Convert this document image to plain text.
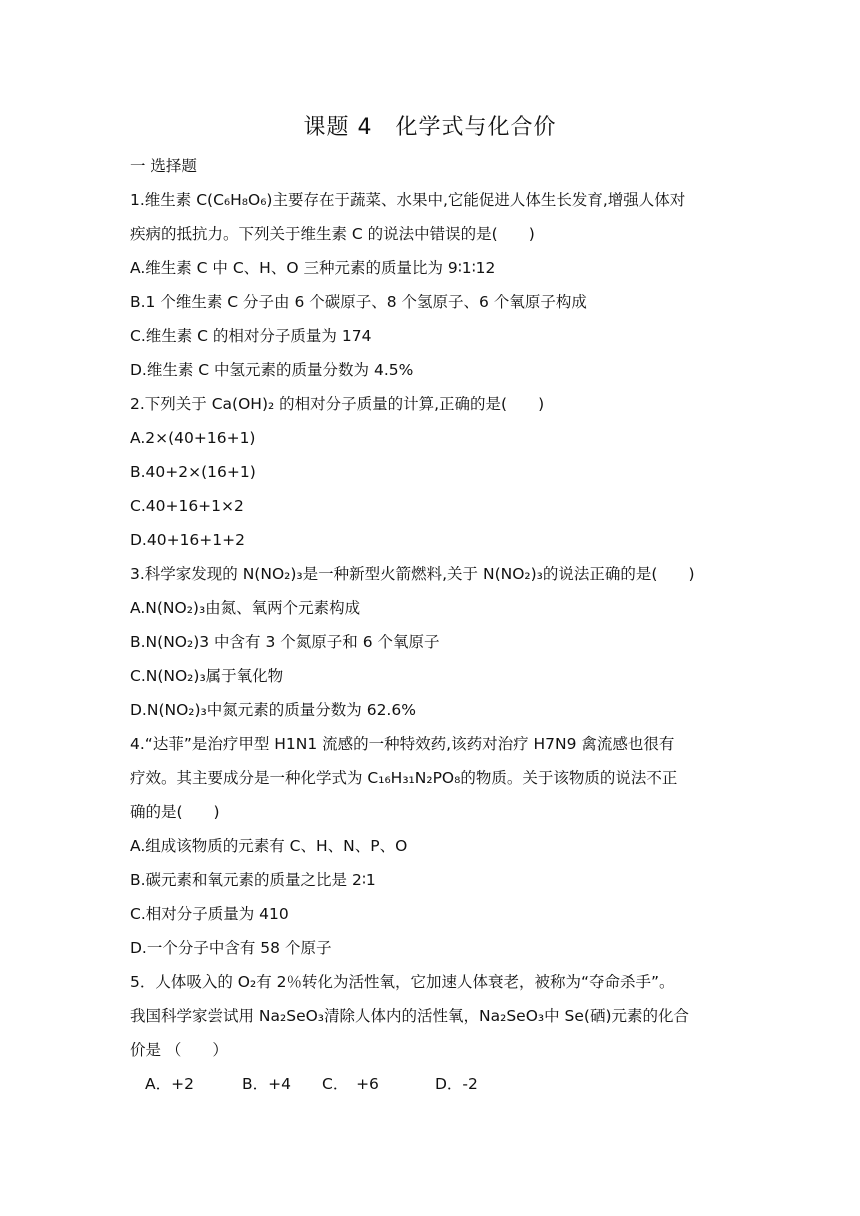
课题 4　化学式与化合价
一 选择题
1.维生素 C(C₆H₈O₆)主要存在于蔬菜、水果中,它能促进人体生长发育,增强人体对
疾病的抵抗力。下列关于维生素 C 的说法中错误的是(　　)
A.维生素 C 中 C、H、O 三种元素的质量比为 9∶1∶12
B.1 个维生素 C 分子由 6 个碳原子、8 个氢原子、6 个氧原子构成
C.维生素 C 的相对分子质量为 174
D.维生素 C 中氢元素的质量分数为 4.5%
2.下列关于 Ca(OH)₂ 的相对分子质量的计算,正确的是(　　)
A.2×(40+16+1)
B.40+2×(16+1)
C.40+16+1×2
D.40+16+1+2
3.科学家发现的 N(NO₂)₃是一种新型火箭燃料,关于 N(NO₂)₃的说法正确的是(　　)
A.N(NO₂)₃由氮、氧两个元素构成
B.N(NO₂)3 中含有 3 个氮原子和 6 个氧原子
C.N(NO₂)₃属于氧化物
D.N(NO₂)₃中氮元素的质量分数为 62.6%
4.“达菲”是治疗甲型 H1N1 流感的一种特效药,该药对治疗 H7N9 禽流感也很有
疗效。其主要成分是一种化学式为 C₁₆H₃₁N₂PO₈的物质。关于该物质的说法不正
确的是(　　)
A.组成该物质的元素有 C、H、N、P、O
B.碳元素和氧元素的质量之比是 2∶1
C.相对分子质量为 410
D.一个分子中含有 58 个原子
5．人体吸入的 O₂有 2％转化为活性氧，它加速人体衰老，被称为“夺命杀手”。
我国科学家尝试用 Na₂SeO₃清除人体内的活性氧，Na₂SeO₃中 Se(硒)元素的化合
价是 （　　）
A．+2	B．+4 C．　+6	D．-2
